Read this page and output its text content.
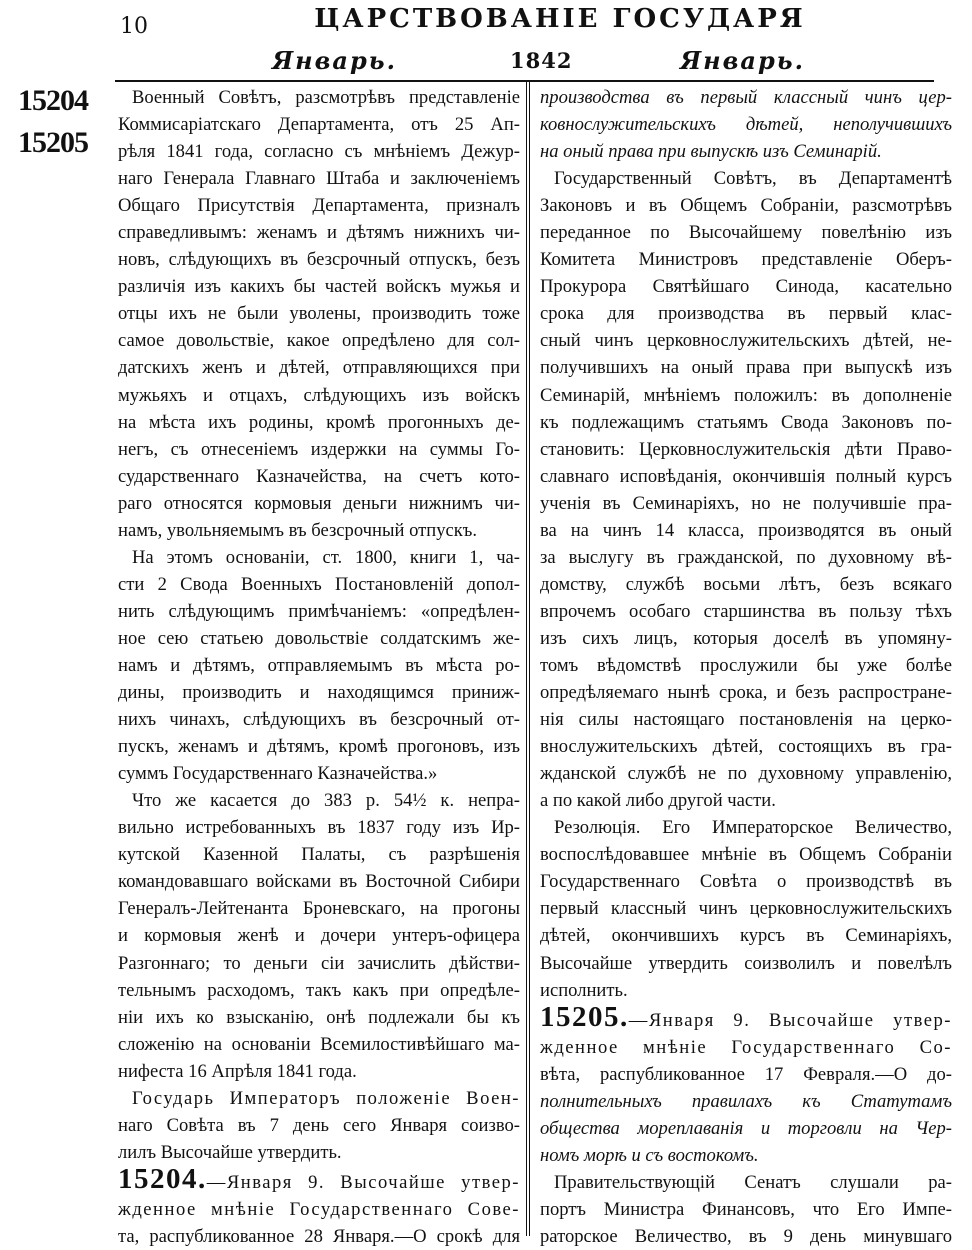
10	ЦАРСТВОВАНІЕ ГОСУДАРЯ
Январь.	1842	Январь.
15204
15205
Военный Совѣтъ, разсмотрѣвъ представленіе
Коммисаріатскаго Департамента, отъ 25 Ап-
рѣля 1841 года, согласно съ мнѣніемъ Дежур-
наго Генерала Главнаго Штаба и заключеніемъ
Общаго Присутствія Департамента, призналъ
справедливымъ: женамъ и дѣтямъ нижнихъ чи-
новъ, слѣдующихъ въ безсрочный отпускъ, безъ
различія изъ какихъ бы частей войскъ мужья и
отцы ихъ не были уволены, производить тоже
самое довольствіе, какое опредѣлено для сол-
датскихъ женъ и дѣтей, отправляющихся при
мужьяхъ и отцахъ, слѣдующихъ изъ войскъ
на мѣста ихъ родины, кромѣ прогонныхъ де-
негъ, съ отнесеніемъ издержки на суммы Го-
сударственнаго Казначейства, на счетъ кото-
раго относятся кормовыя деньги нижнимъ чи-
намъ, увольняемымъ въ безсрочный отпускъ.
На этомъ основаніи, ст. 1800, книги 1, ча-
сти 2 Свода Военныхъ Постановленій допол-
нить слѣдующимъ примѣчаніемъ: «опредѣлен-
ное сею статьею довольствіе солдатскимъ же-
намъ и дѣтямъ, отправляемымъ въ мѣста ро-
дины, производить и находящимся приниж-
нихъ чинахъ, слѣдующихъ въ безсрочный от-
пускъ, женамъ и дѣтямъ, кромѣ прогоновъ, изъ
суммъ Государственнаго Казначейства.»
Что же касается до 383 р. 54½ к. непра-
вильно истребованныхъ въ 1837 году изъ Ир-
кутской Казенной Палаты, съ разрѣшенія
командовавшаго войсками въ Восточной Сибири
Генералъ-Лейтенанта Броневскаго, на прогоны
и кормовыя женѣ и дочери унтеръ-офицера
Разгоннаго; то деньги сіи зачислить дѣйстви-
тельнымъ расходомъ, такъ какъ при опредѣле-
ніи ихъ ко взысканію, онѣ подлежали бы къ
сложенію на основаніи Всемилостивѣйшаго ма-
нифеста 16 Апрѣля 1841 года.
Государь Императоръ положеніе Воен-
наго Совѣта въ 7 день сего Января соизво-
лилъ Высочайше утвердить.
15204.—Января 9. Высочайше утвер-
жденное мнѣніе Государственнаго Сове-
та, распубликованное 28 Января.—О срокѣ для
производства въ первый классный чинъ цер-
ковнослужительскихъ дѣтей, неполучившихъ
на оный права при выпускѣ изъ Семинарій.
Государственный Совѣтъ, въ Департаментѣ
Законовъ и въ Общемъ Собраніи, разсмотрѣвъ
переданное по Высочайшему повелѣнію изъ
Комитета Министровъ представленіе Оберъ-
Прокурора Святѣйшаго Синода, касательно
срока для производства въ первый клас-
сный чинъ церковнослужительскихъ дѣтей, не-
получившихъ на оный права при выпускѣ изъ
Семинарій, мнѣніемъ положилъ: въ дополненіе
къ подлежащимъ статьямъ Свода Законовъ по-
становить: Церковнослужительскія дѣти Право-
славнаго исповѣданія, окончившія полный курсъ
ученія въ Семинаріяхъ, но не получившіе пра-
ва на чинъ 14 класса, производятся въ оный
за выслугу въ гражданской, по духовному вѣ-
домству, службѣ восьми лѣтъ, безъ всякаго
впрочемъ особаго старшинства въ пользу тѣхъ
изъ сихъ лицъ, которыя доселѣ въ упомяну-
томъ вѣдомствѣ прослужили бы уже болѣе
опредѣляемаго нынѣ срока, и безъ распростране-
нія силы настоящаго постановленія на церко-
внослужительскихъ дѣтей, состоящихъ въ гра-
жданской службѣ не по духовному управленію,
а по какой либо другой части.
Резолюція. Его Императорское Величество,
воспослѣдовавшее мнѣніе въ Общемъ Собраніи
Государственнаго Совѣта о производствѣ въ
первый классный чинъ церковнослужительскихъ
дѣтей, окончившихъ курсъ въ Семинаріяхъ,
Высочайше утвердить соизволилъ и повелѣлъ
исполнить.
15205.—Января 9. Высочайше утвер-
жденное мнѣніе Государственнаго Со-
вѣта, распубликованное 17 Февраля.—О до-
полнительныхъ правилахъ къ Статутамъ
общества мореплаванія и торговли на Чер-
номъ морѣ и съ востокомъ.
Правительствующій Сенатъ слушали ра-
портъ Министра Финансовъ, что Его Импе-
раторское Величество, въ 9 день минувшаго
